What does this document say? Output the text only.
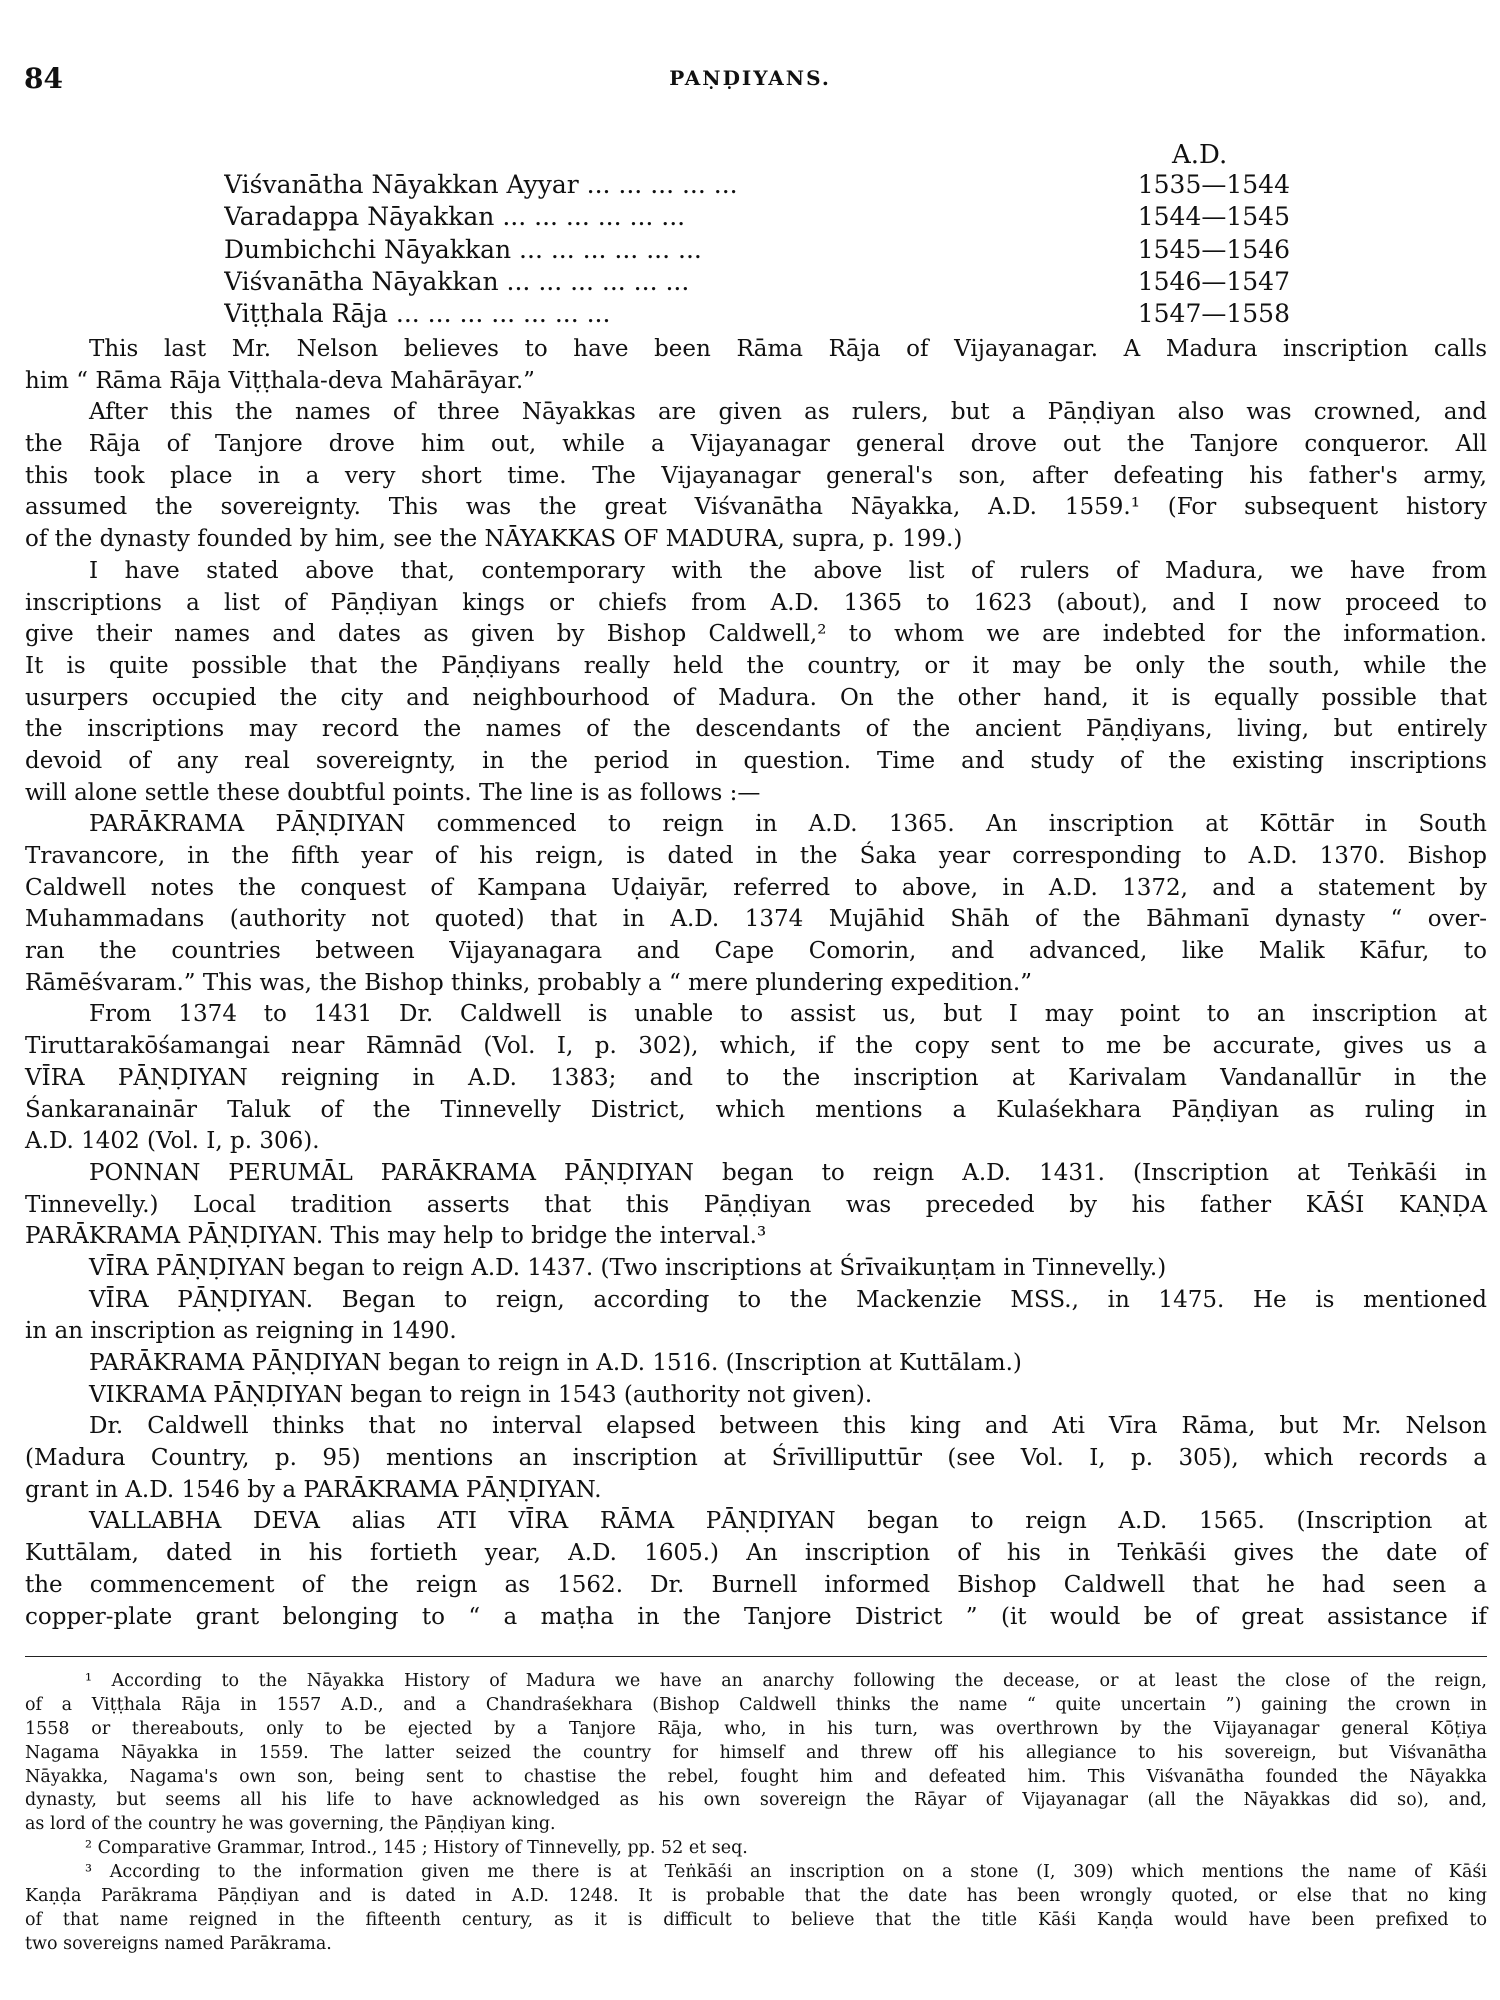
84	PAṆḌIYANS.
A.D.
Viśvanātha Nāyakkan Ayyar ... ... ... ... ...	1535—1544
Varadappa Nāyakkan ... ... ... ... ... ...	1544—1545
Dumbichchi Nāyakkan ... ... ... ... ... ...	1545—1546
Viśvanātha Nāyakkan ... ... ... ... ... ...	1546—1547
Viṭṭhala Rāja ... ... ... ... ... ... ...	1547—1558
This last Mr. Nelson believes to have been Rāma Rāja of Vijayanagar. A Madura inscription calls
him “ Rāma Rāja Viṭṭhala-deva Mahārāyar.”
After this the names of three Nāyakkas are given as rulers, but a Pāṇḍiyan also was crowned, and
the Rāja of Tanjore drove him out, while a Vijayanagar general drove out the Tanjore conqueror. All
this took place in a very short time. The Vijayanagar general's son, after defeating his father's army,
assumed the sovereignty. This was the great Viśvanātha Nāyakka, A.D. 1559.¹ (For subsequent history
of the dynasty founded by him, see the NĀYAKKAS OF MADURA, supra, p. 199.)
I have stated above that, contemporary with the above list of rulers of Madura, we have from
inscriptions a list of Pāṇḍiyan kings or chiefs from A.D. 1365 to 1623 (about), and I now proceed to
give their names and dates as given by Bishop Caldwell,² to whom we are indebted for the information.
It is quite possible that the Pāṇḍiyans really held the country, or it may be only the south, while the
usurpers occupied the city and neighbourhood of Madura. On the other hand, it is equally possible that
the inscriptions may record the names of the descendants of the ancient Pāṇḍiyans, living, but entirely
devoid of any real sovereignty, in the period in question. Time and study of the existing inscriptions
will alone settle these doubtful points. The line is as follows :—
PARĀKRAMA PĀṆḌIYAN commenced to reign in A.D. 1365. An inscription at Kōttār in South
Travancore, in the fifth year of his reign, is dated in the Śaka year corresponding to A.D. 1370. Bishop
Caldwell notes the conquest of Kampana Uḍaiyār, referred to above, in A.D. 1372, and a statement by
Muhammadans (authority not quoted) that in A.D. 1374 Mujāhid Shāh of the Bāhmanī dynasty “ over-
ran the countries between Vijayanagara and Cape Comorin, and advanced, like Malik Kāfur, to
Rāmēśvaram.” This was, the Bishop thinks, probably a “ mere plundering expedition.”
From 1374 to 1431 Dr. Caldwell is unable to assist us, but I may point to an inscription at
Tiruttarakōśamangai near Rāmnād (Vol. I, p. 302), which, if the copy sent to me be accurate, gives us a
VĪRA PĀṆḌIYAN reigning in A.D. 1383; and to the inscription at Karivalam Vandanallūr in the
Śankaranainār Taluk of the Tinnevelly District, which mentions a Kulaśekhara Pāṇḍiyan as ruling in
A.D. 1402 (Vol. I, p. 306).
PONNAN PERUMĀL PARĀKRAMA PĀṆḌIYAN began to reign A.D. 1431. (Inscription at Teṅkāśi in
Tinnevelly.) Local tradition asserts that this Pāṇḍiyan was preceded by his father KĀŚI KAṆḌA
PARĀKRAMA PĀṆḌIYAN. This may help to bridge the interval.³
VĪRA PĀṆḌIYAN began to reign A.D. 1437. (Two inscriptions at Śrīvaikuṇṭam in Tinnevelly.)
VĪRA PĀṆḌIYAN. Began to reign, according to the Mackenzie MSS., in 1475. He is mentioned
in an inscription as reigning in 1490.
PARĀKRAMA PĀṆḌIYAN began to reign in A.D. 1516. (Inscription at Kuttālam.)
VIKRAMA PĀṆḌIYAN began to reign in 1543 (authority not given).
Dr. Caldwell thinks that no interval elapsed between this king and Ati Vīra Rāma, but Mr. Nelson
(Madura Country, p. 95) mentions an inscription at Śrīvilliputtūr (see Vol. I, p. 305), which records a
grant in A.D. 1546 by a PARĀKRAMA PĀṆḌIYAN.
VALLABHA DEVA alias ATI VĪRA RĀMA PĀṆḌIYAN began to reign A.D. 1565. (Inscription at
Kuttālam, dated in his fortieth year, A.D. 1605.) An inscription of his in Teṅkāśi gives the date of
the commencement of the reign as 1562. Dr. Burnell informed Bishop Caldwell that he had seen a
copper-plate grant belonging to “ a maṭha in the Tanjore District ” (it would be of great assistance if
¹ According to the Nāyakka History of Madura we have an anarchy following the decease, or at least the close of the reign,
of a Viṭṭhala Rāja in 1557 A.D., and a Chandraśekhara (Bishop Caldwell thinks the name “ quite uncertain ”) gaining the crown in
1558 or thereabouts, only to be ejected by a Tanjore Rāja, who, in his turn, was overthrown by the Vijayanagar general Kōṭiya
Nagama Nāyakka in 1559. The latter seized the country for himself and threw off his allegiance to his sovereign, but Viśvanātha
Nāyakka, Nagama's own son, being sent to chastise the rebel, fought him and defeated him. This Viśvanātha founded the Nāyakka
dynasty, but seems all his life to have acknowledged as his own sovereign the Rāyar of Vijayanagar (all the Nāyakkas did so), and,
as lord of the country he was governing, the Pāṇḍiyan king.
² Comparative Grammar, Introd., 145 ; History of Tinnevelly, pp. 52 et seq.
³ According to the information given me there is at Teṅkāśi an inscription on a stone (I, 309) which mentions the name of Kāśi
Kaṇḍa Parākrama Pāṇḍiyan and is dated in A.D. 1248. It is probable that the date has been wrongly quoted, or else that no king
of that name reigned in the fifteenth century, as it is difficult to believe that the title Kāśi Kaṇḍa would have been prefixed to
two sovereigns named Parākrama.
